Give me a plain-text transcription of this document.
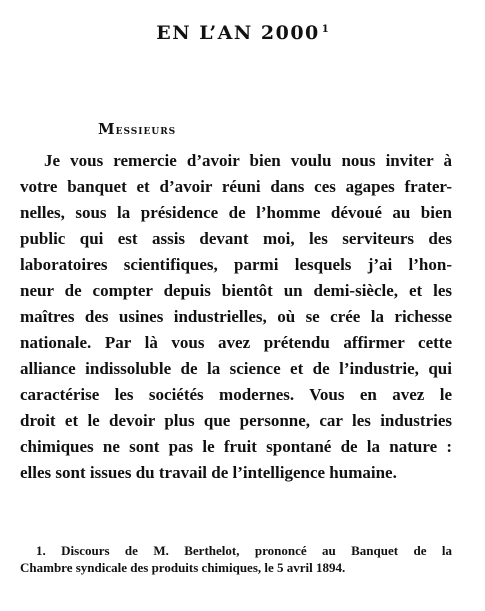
EN L’AN 2000 $^1$
Messieurs
Je vous remercie d’avoir bien voulu nous inviter à
votre banquet et d’avoir réuni dans ces agapes frater-
nelles, sous la présidence de l’homme dévoué au bien
public qui est assis devant moi, les serviteurs des
laboratoires scientifiques, parmi lesquels j’ai l’hon-
neur de compter depuis bientôt un demi-siècle, et les
maîtres des usines industrielles, où se crée la richesse
nationale. Par là vous avez prétendu affirmer cette
alliance indissoluble de la science et de l’industrie, qui
caractérise les sociétés modernes. Vous en avez le
droit et le devoir plus que personne, car les industries
chimiques ne sont pas le fruit spontané de la nature :
elles sont issues du travail de l’intelligence humaine.
1. Discours de M. Berthelot, prononcé au Banquet de la
Chambre syndicale des produits chimiques, le 5 avril 1894.
